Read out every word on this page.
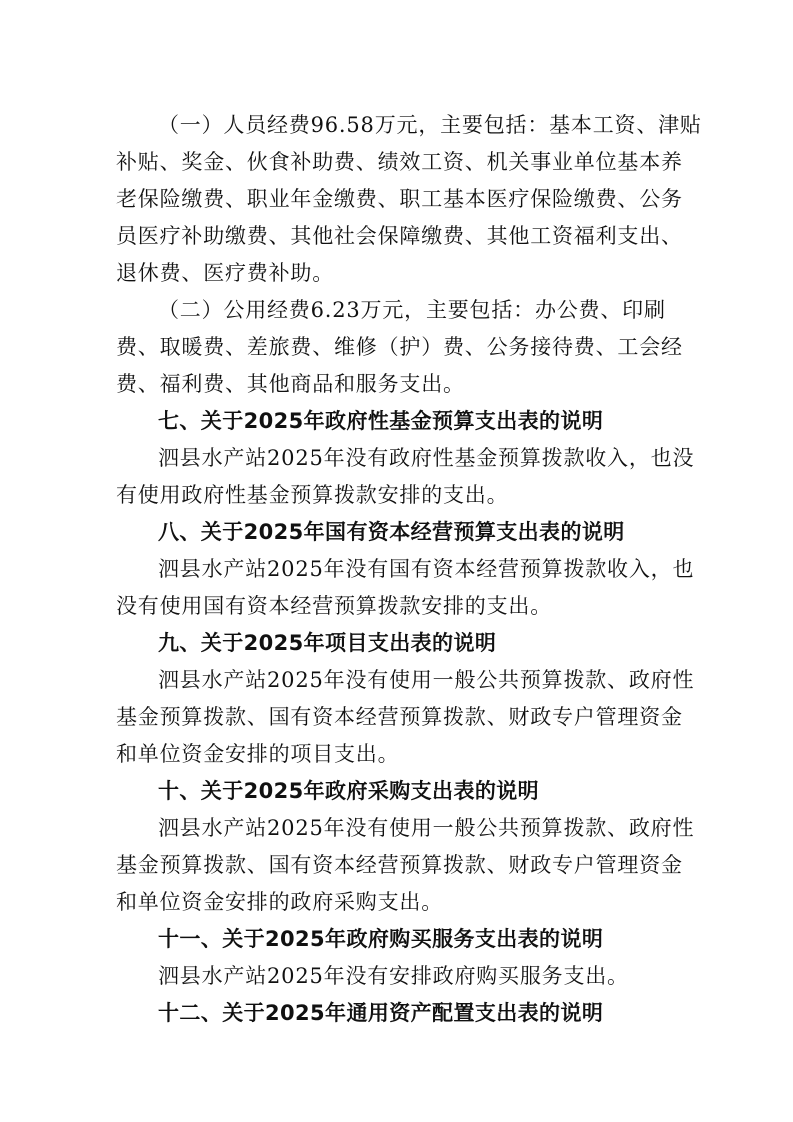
（一）人员经费96.58万元，主要包括：基本工资、津贴
补贴、奖金、伙食补助费、绩效工资、机关事业单位基本养
老保险缴费、职业年金缴费、职工基本医疗保险缴费、公务
员医疗补助缴费、其他社会保障缴费、其他工资福利支出、
退休费、医疗费补助。
（二）公用经费6.23万元，主要包括：办公费、印刷
费、取暖费、差旅费、维修（护）费、公务接待费、工会经
费、福利费、其他商品和服务支出。
七、关于2025年政府性基金预算支出表的说明
泗县水产站2025年没有政府性基金预算拨款收入，也没
有使用政府性基金预算拨款安排的支出。
八、关于2025年国有资本经营预算支出表的说明
泗县水产站2025年没有国有资本经营预算拨款收入，也
没有使用国有资本经营预算拨款安排的支出。
九、关于2025年项目支出表的说明
泗县水产站2025年没有使用一般公共预算拨款、政府性
基金预算拨款、国有资本经营预算拨款、财政专户管理资金
和单位资金安排的项目支出。
十、关于2025年政府采购支出表的说明
泗县水产站2025年没有使用一般公共预算拨款、政府性
基金预算拨款、国有资本经营预算拨款、财政专户管理资金
和单位资金安排的政府采购支出。
十一、关于2025年政府购买服务支出表的说明
泗县水产站2025年没有安排政府购买服务支出。
十二、关于2025年通用资产配置支出表的说明
